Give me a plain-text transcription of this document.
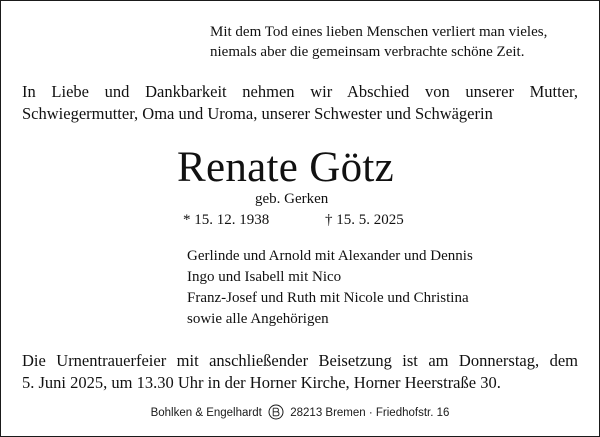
Mit dem Tod eines lieben Menschen verliert man vieles,
niemals aber die gemeinsam verbrachte schöne Zeit.
In Liebe und Dankbarkeit nehmen wir Abschied von unserer Mutter,
Schwiegermutter, Oma und Uroma, unserer Schwester und Schwägerin
Renate Götz
geb. Gerken
* 15. 12. 1938	† 15. 5. 2025
Gerlinde und Arnold mit Alexander und Dennis
Ingo und Isabell mit Nico
Franz-Josef und Ruth mit Nicole und Christina
sowie alle Angehörigen
Die Urnentrauerfeier mit anschließender Beisetzung ist am Donnerstag, dem
5. Juni 2025, um 13.30 Uhr in der Horner Kirche, Horner Heerstraße 30.
Bohlken & Engelhardt 28213 Bremen · Friedhofstr. 16
